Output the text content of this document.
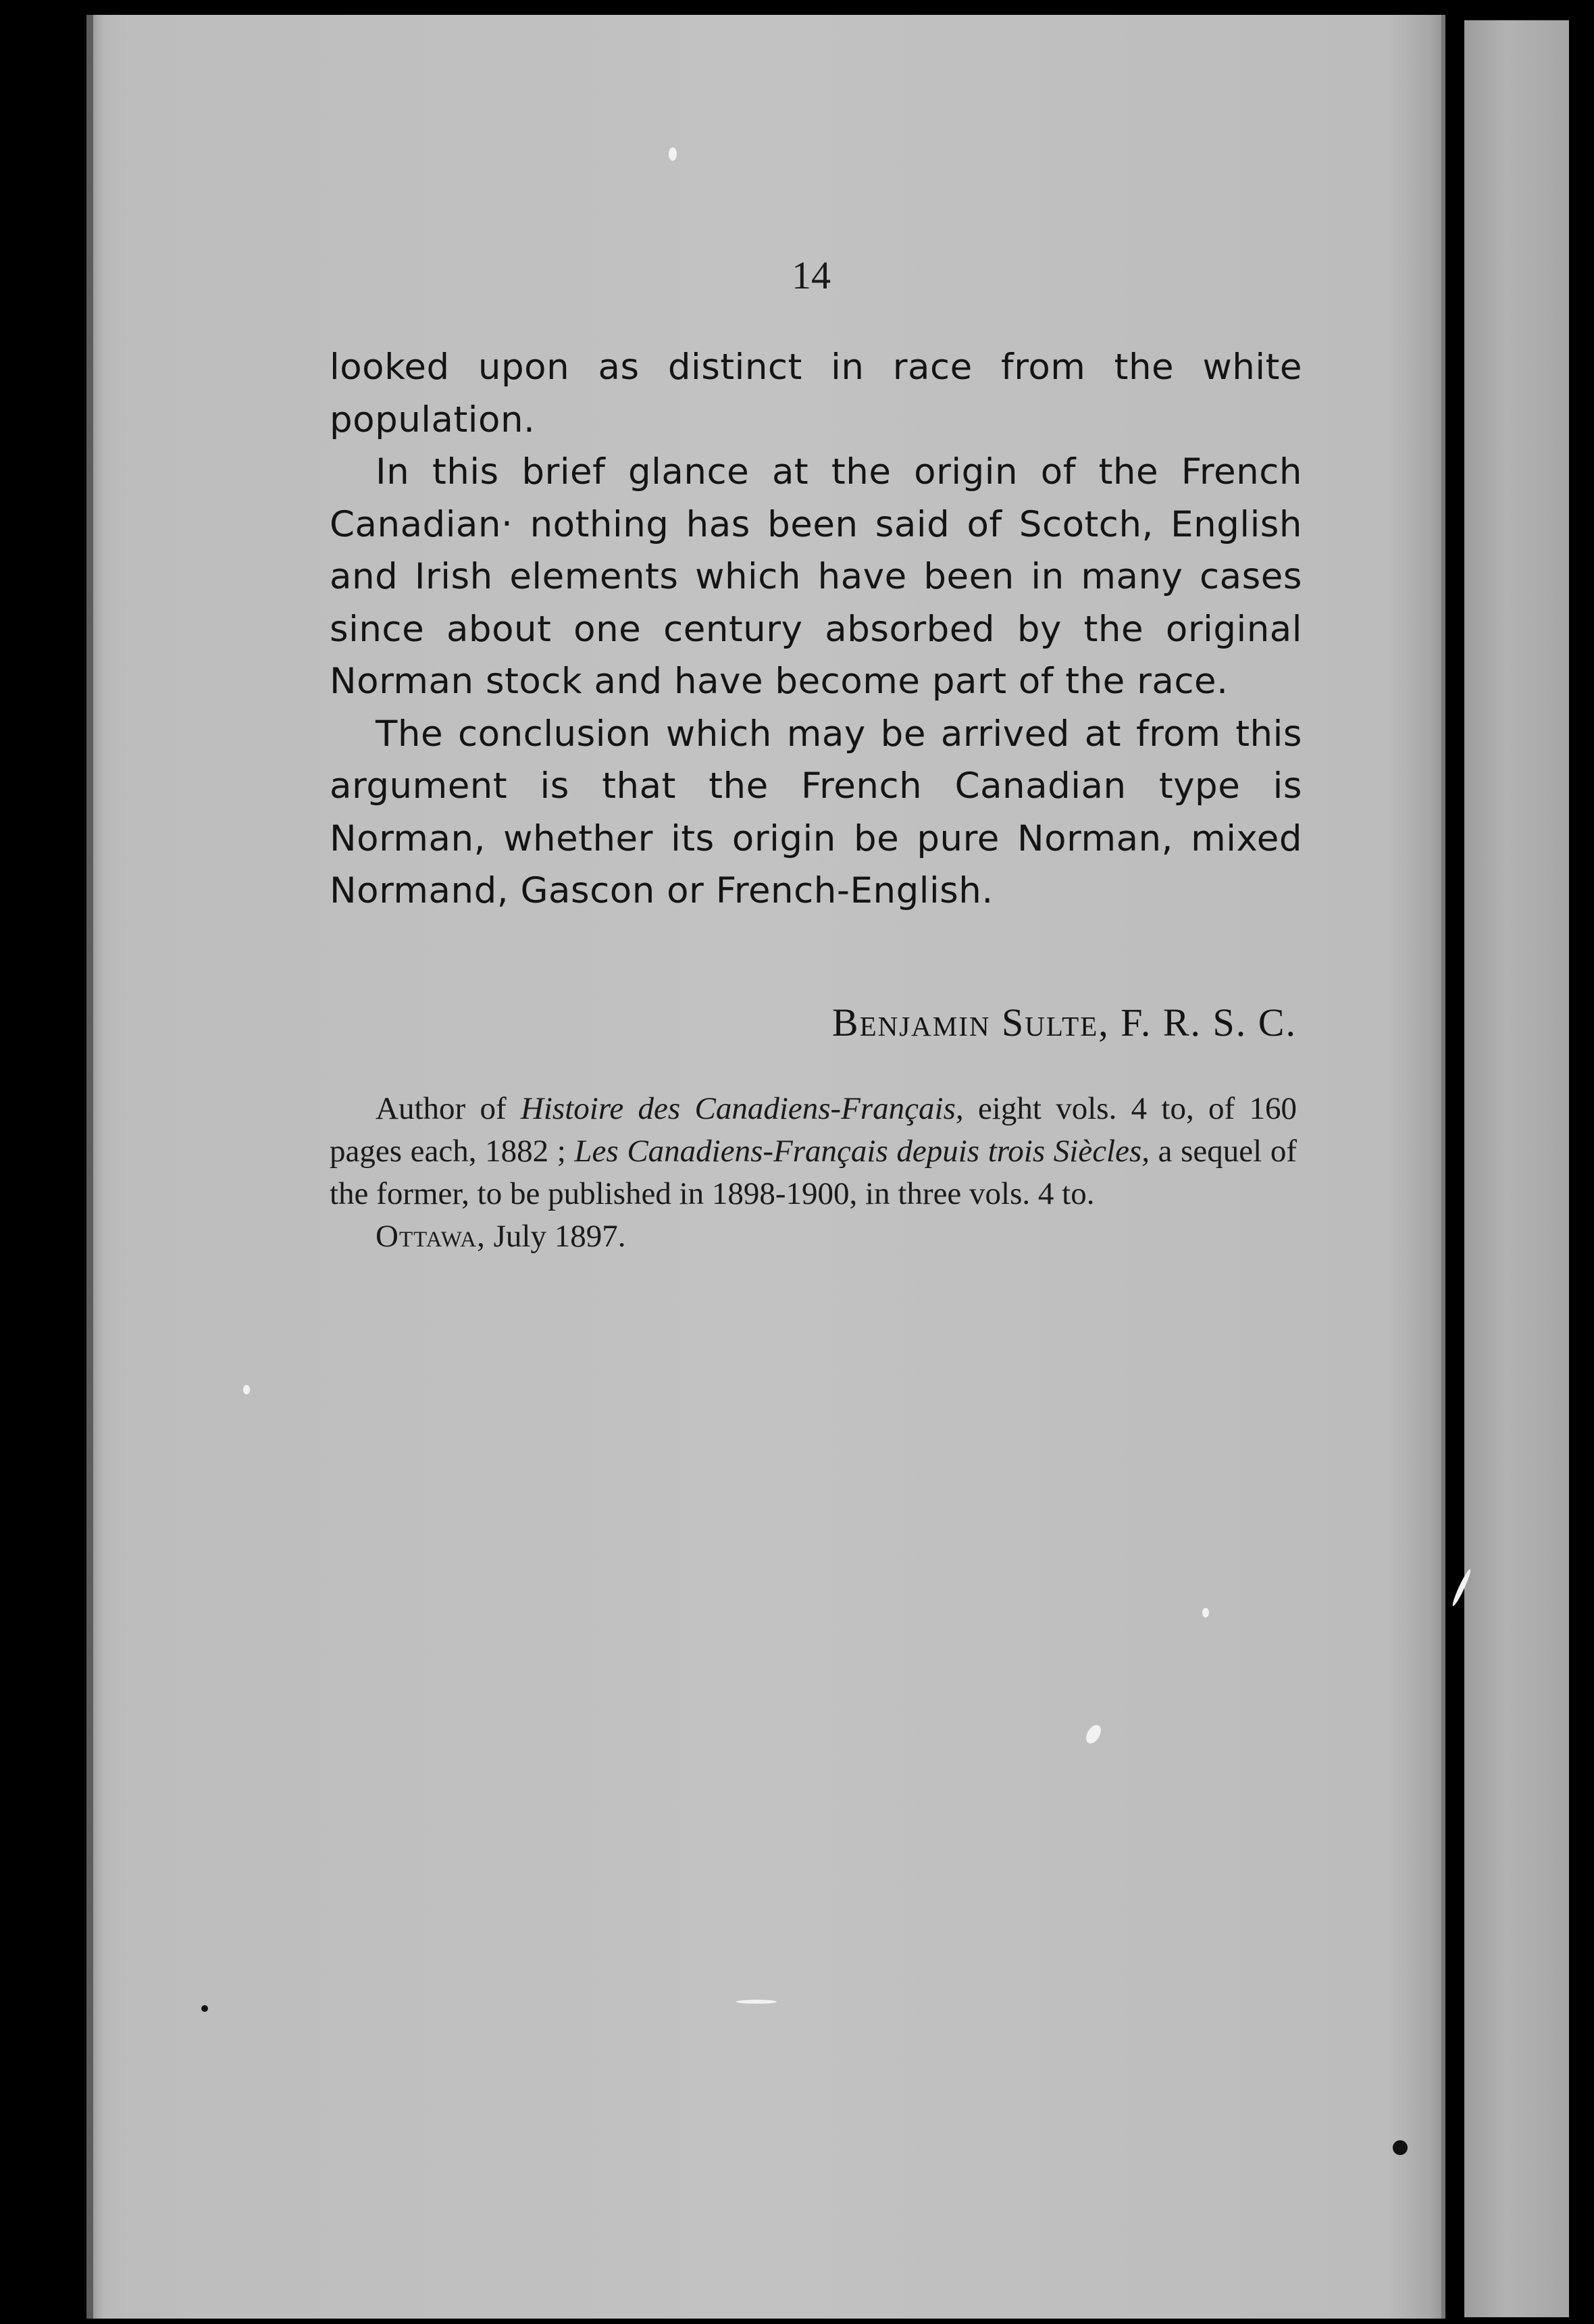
14

looked upon as distinct in race from the white population.

In this brief glance at the origin of the French Canadian‧ nothing has been said of Scotch, English and Irish elements which have been in many cases since about one century absorbed by the original Norman stock and have become part of the race.

The conclusion which may be arrived at from this argument is that the French Canadian type is Norman, whether its origin be pure Norman, mixed Normand, Gascon or French-English.

Benjamin Sulte, F. R. S. C.

Author of Histoire des Canadiens-Français, eight vols. 4 to, of 160 pages each, 1882 ; Les Canadiens-Français depuis trois Siècles, a sequel of the former, to be published in 1898-1900, in three vols. 4 to.

Ottawa, July 1897.
